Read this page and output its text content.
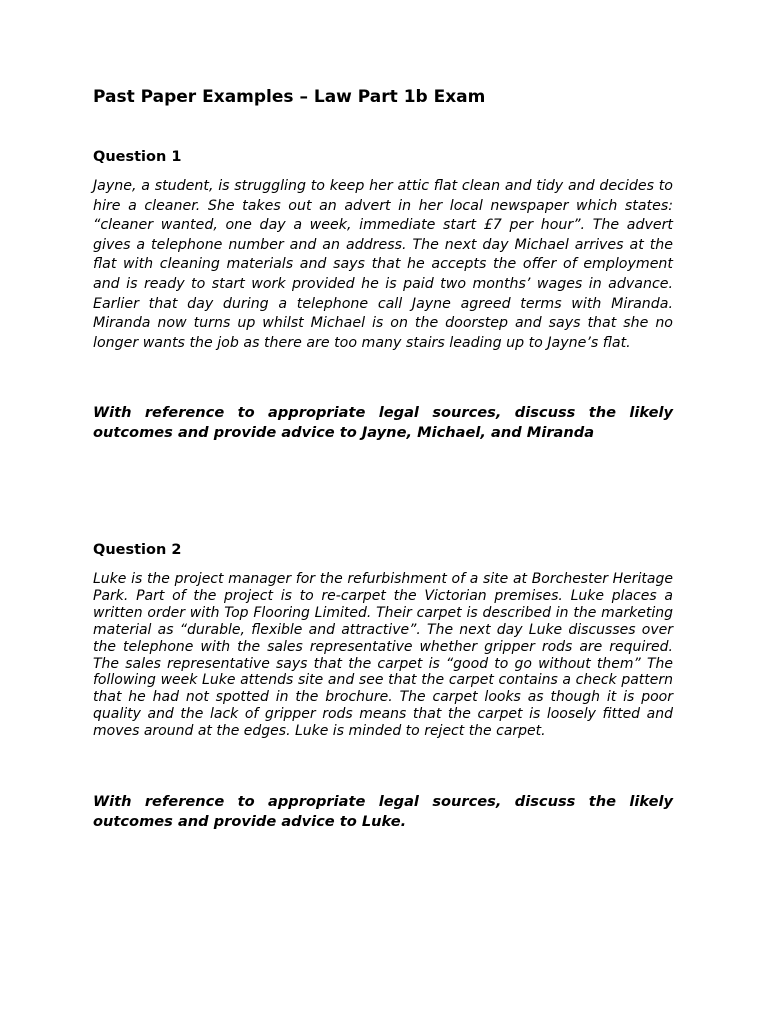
Past Paper Examples – Law Part 1b Exam
Question 1

Jayne, a student, is struggling to keep her attic flat clean and tidy and decides to hire a cleaner. She takes out an advert in her local newspaper which states: “cleaner wanted, one day a week, immediate start £7 per hour”. The advert gives a telephone number and an address. The next day Michael arrives at the flat with cleaning materials and says that he accepts the offer of employment and is ready to start work provided he is paid two months’ wages in advance. Earlier that day during a telephone call Jayne agreed terms with Miranda. Miranda now turns up whilst Michael is on the doorstep and says that she no longer wants the job as there are too many stairs leading up to Jayne’s flat.

With reference to appropriate legal sources, discuss the likely outcomes and provide advice to Jayne, Michael, and Miranda

Question 2

Luke is the project manager for the refurbishment of a site at Borchester Heritage Park. Part of the project is to re-carpet the Victorian premises. Luke places a written order with Top Flooring Limited. Their carpet is described in the marketing material as “durable, flexible and attractive”. The next day Luke discusses over the telephone with the sales representative whether gripper rods are required. The sales representative says that the carpet is “good to go without them” The following week Luke attends site and see that the carpet contains a check pattern that he had not spotted in the brochure. The carpet looks as though it is poor quality and the lack of gripper rods means that the carpet is loosely fitted and moves around at the edges. Luke is minded to reject the carpet.

With reference to appropriate legal sources, discuss the likely outcomes and provide advice to Luke.
